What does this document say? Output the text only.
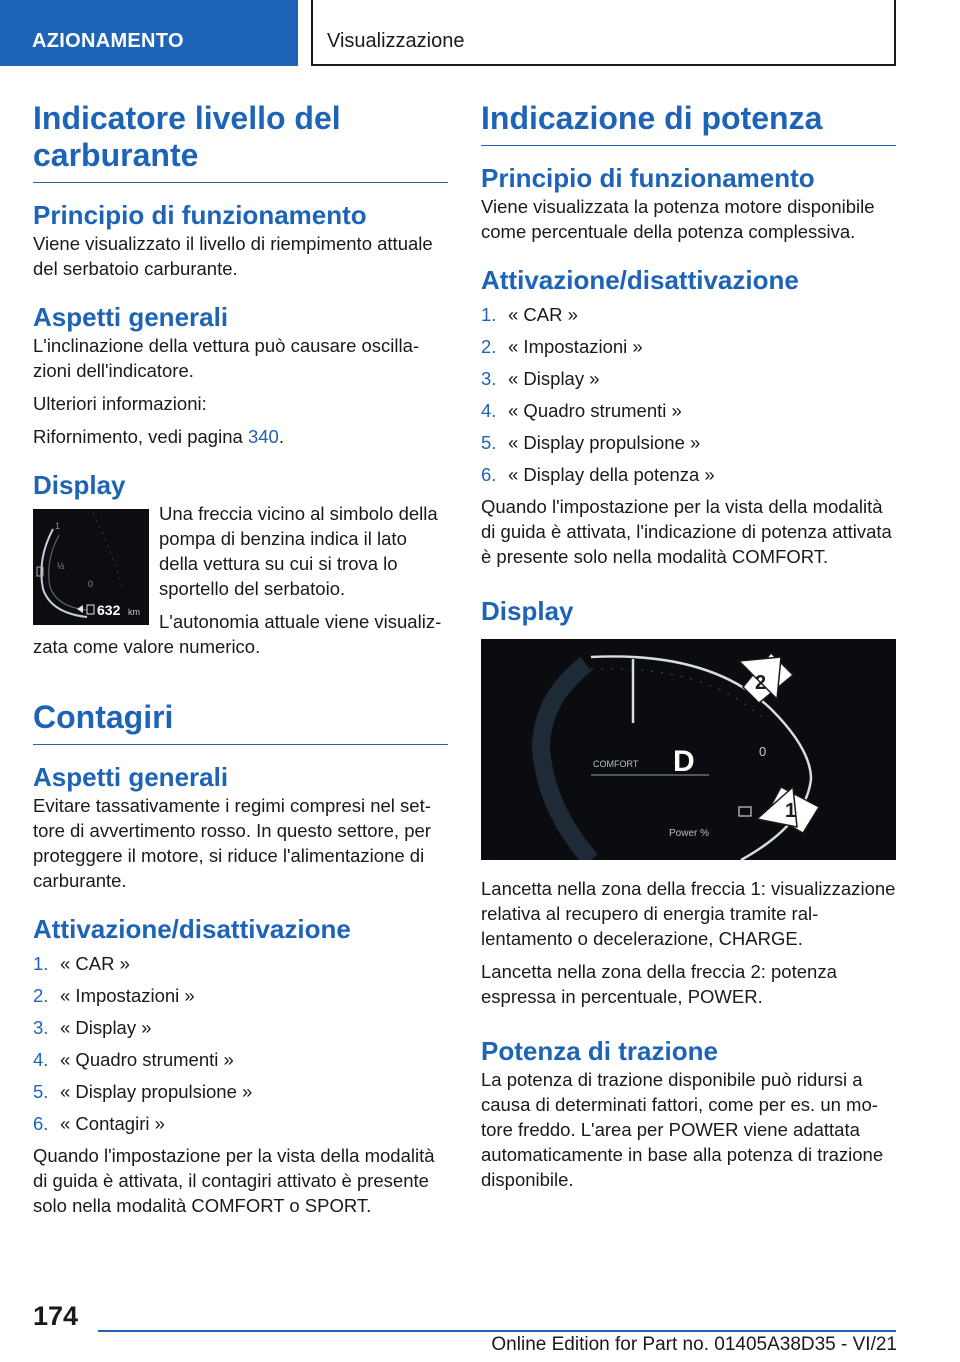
AZIONAMENTO	Visualizzazione
Indicatore livello del carburante
Principio di funzionamento

Viene visualizzato il livello di riempimento attuale del serbatoio carburante.

Aspetti generali

L'inclinazione della vettura può causare oscillazioni dell'indicatore.

Ulteriori informazioni:

Rifornimento, vedi pagina 340.

Display
1
½
0
632 km

Una freccia vicino al simbolo della pompa di benzina indica il lato della vettura su cui si trova lo sportello del serbatoio.

L'autonomia attuale viene visualizzata come valore numerico.

Contagiri
Aspetti generali

Evitare tassativamente i regimi compresi nel settore di avvertimento rosso. In questo settore, per proteggere il motore, si riduce l'alimentazione di carburante.

Attivazione/disattivazione
1. « CAR »
2. « Impostazioni »
3. « Display »
4. « Quadro strumenti »
5. « Display propulsione »
6. « Contagiri »

Quando l'impostazione per la vista della modalità di guida è attivata, il contagiri attivato è presente solo nella modalità COMFORT o SPORT.

Indicazione di potenza
Principio di funzionamento

Viene visualizzata la potenza motore disponibile come percentuale della potenza complessiva.

Attivazione/disattivazione
1. « CAR »
2. « Impostazioni »
3. « Display »
4. « Quadro strumenti »
5. « Display propulsione »
6. « Display della potenza »

Quando l'impostazione per la vista della modalità di guida è attivata, l'indicazione di potenza attivata è presente solo nella modalità COMFORT.

Display
COMFORT D	0
Power %
2
1

Lancetta nella zona della freccia 1: visualizzazione relativa al recupero di energia tramite rallentamento o decelerazione, CHARGE.

Lancetta nella zona della freccia 2: potenza espressa in percentuale, POWER.

Potenza di trazione

La potenza di trazione disponibile può ridursi a causa di determinati fattori, come per es. un motore freddo. L'area per POWER viene adattata automaticamente in base alla potenza di trazione disponibile.

174
Online Edition for Part no. 01405A38D35 - VI/21
